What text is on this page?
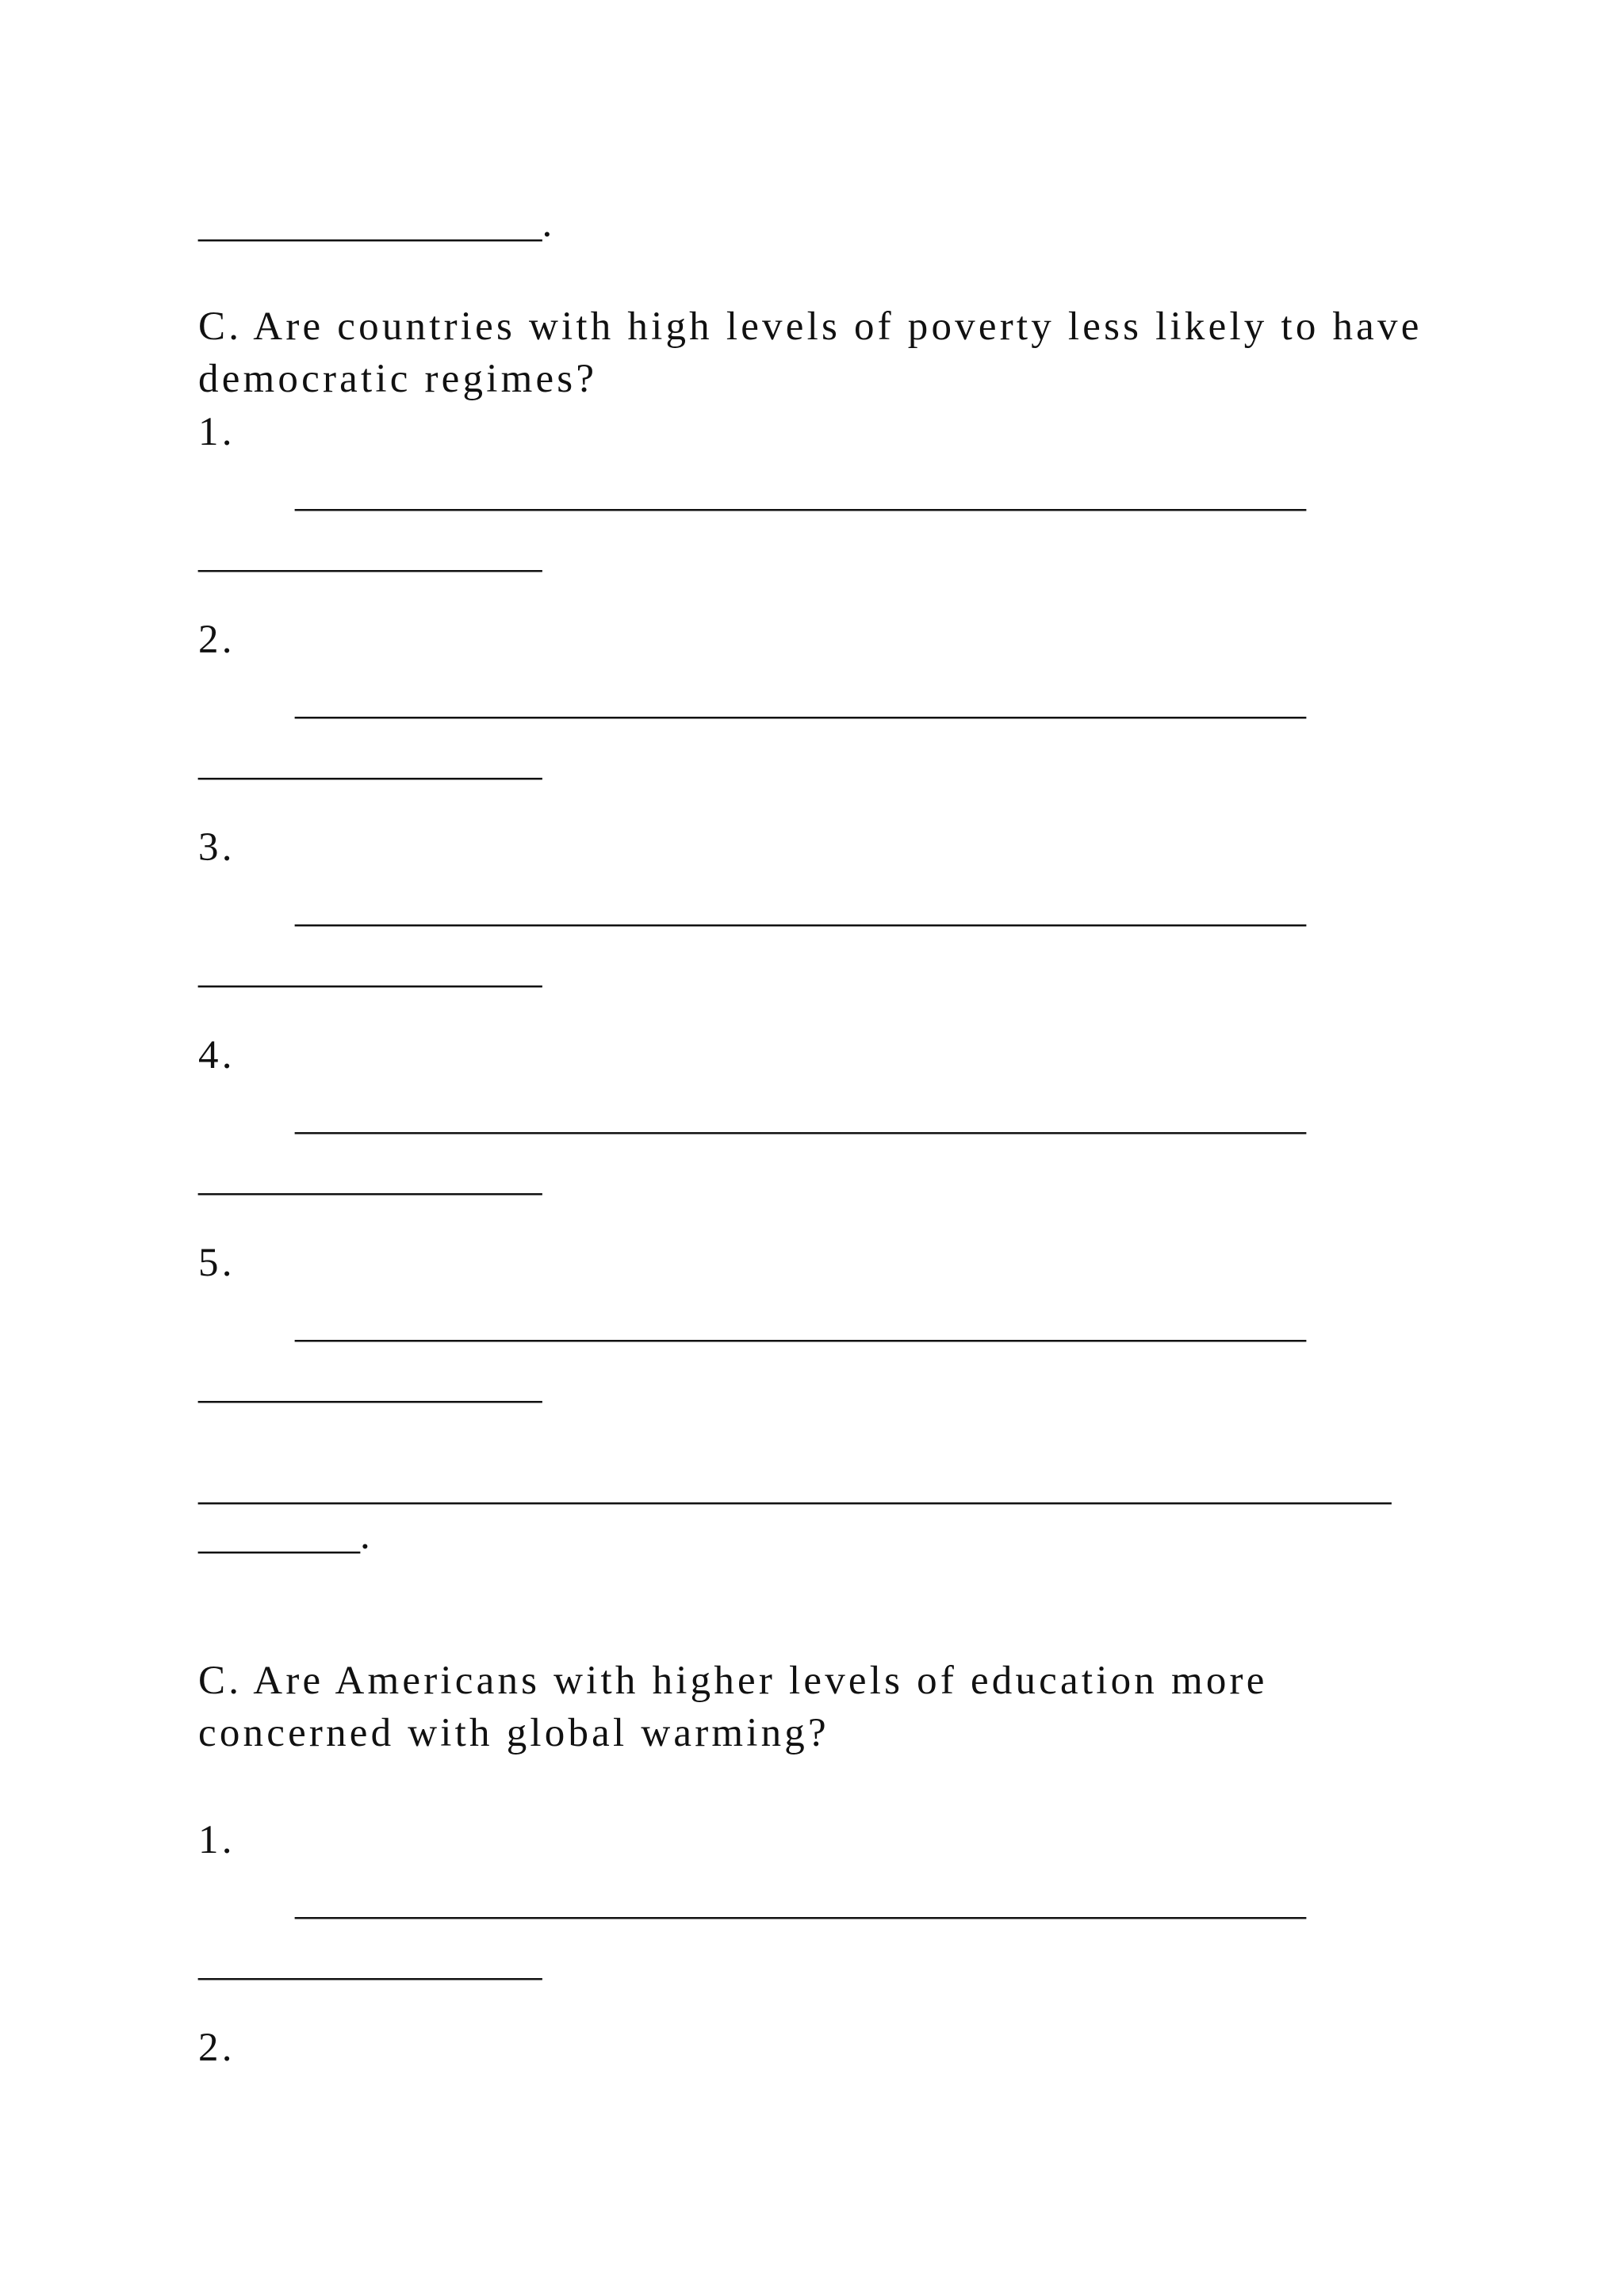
_________________.
C. Are countries with high levels of poverty less likely to have
democratic regimes?
1.
__________________________________________________
_________________
2.
__________________________________________________
_________________
3.
__________________________________________________
_________________
4.
__________________________________________________
_________________
5.
__________________________________________________
_________________
___________________________________________________________
________.
C. Are Americans with higher levels of education more
concerned with global warming?
1.
__________________________________________________
_________________
2.
